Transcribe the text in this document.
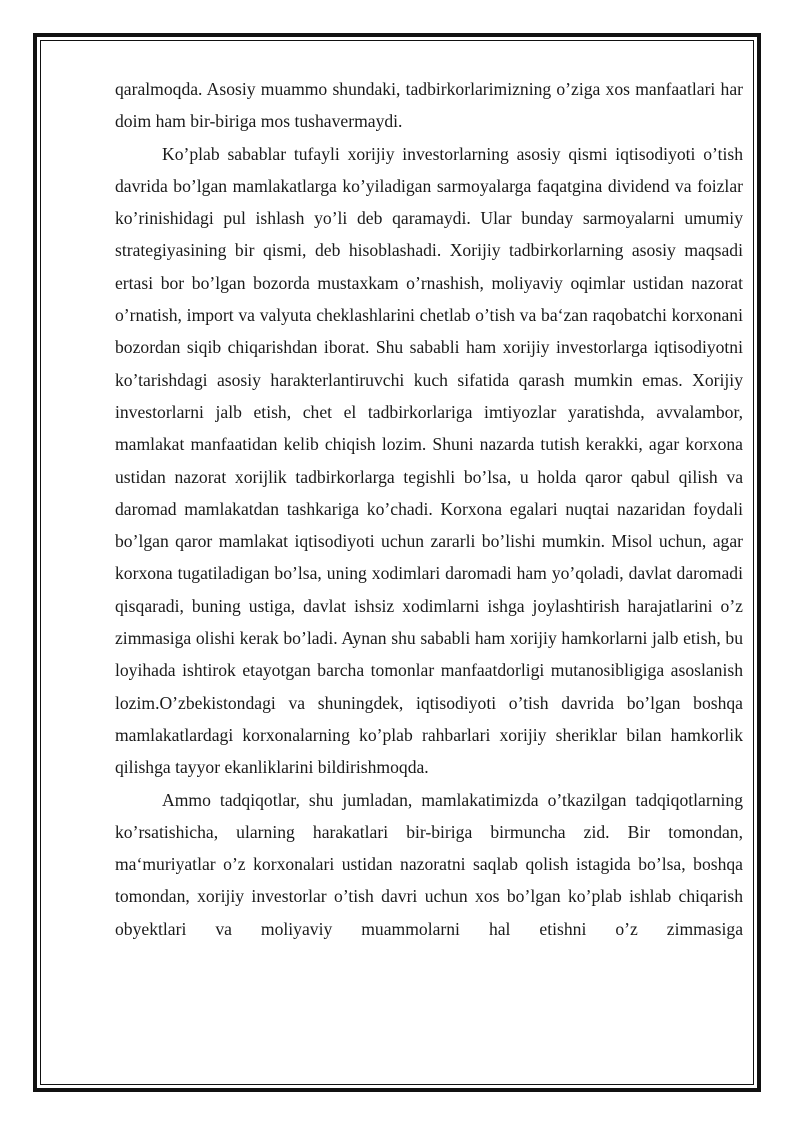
qaralmoqda. Asosiy muammo shundaki, tadbirkorlarimizning o’ziga xos manfaatlari har doim ham bir-biriga mos tushavermaydi.

Ko’plab sabablar tufayli xorijiy investorlarning asosiy qismi iqtisodiyoti o’tish davrida bo’lgan mamlakatlarga ko’yiladigan sarmoyalarga faqatgina dividend va foizlar ko’rinishidagi pul ishlash yo’li deb qaramaydi. Ular bunday sarmoyalarni umumiy strategiyasining bir qismi, deb hisoblashadi. Xorijiy tadbirkorlarning asosiy maqsadi ertasi bor bo’lgan bozorda mustaxkam o’rnashish, moliyaviy oqimlar ustidan nazorat o’rnatish, import va valyuta cheklashlarini chetlab o’tish va ba‘zan raqobatchi korxonani bozordan siqib chiqarishdan iborat. Shu sababli ham xorijiy investorlarga iqtisodiyotni ko’tarishdagi asosiy harakterlantiruvchi kuch sifatida qarash mumkin emas. Xorijiy investorlarni jalb etish, chet el tadbirkorlariga imtiyozlar yaratishda, avvalambor, mamlakat manfaatidan kelib chiqish lozim. Shuni nazarda tutish kerakki, agar korxona ustidan nazorat xorijlik tadbirkorlarga tegishli bo’lsa, u holda qaror qabul qilish va daromad mamlakatdan tashkariga ko’chadi. Korxona egalari nuqtai nazaridan foydali bo’lgan qaror mamlakat iqtisodiyoti uchun zararli bo’lishi mumkin. Misol uchun, agar korxona tugatiladigan bo’lsa, uning xodimlari daromadi ham yo’qoladi, davlat daromadi qisqaradi, buning ustiga, davlat ishsiz xodimlarni ishga joylashtirish harajatlarini o’z zimmasiga olishi kerak bo’ladi. Aynan shu sababli ham xorijiy hamkorlarni jalb etish, bu loyihada ishtirok etayotgan barcha tomonlar manfaatdorligi mutanosibligiga asoslanish lozim.O’zbekistondagi va shuningdek, iqtisodiyoti o’tish davrida bo’lgan boshqa mamlakatlardagi korxonalarning ko’plab rahbarlari xorijiy sheriklar bilan hamkorlik qilishga tayyor ekanliklarini bildirishmoqda.

Ammo tadqiqotlar, shu jumladan, mamlakatimizda o’tkazilgan tadqiqotlarning ko’rsatishicha, ularning harakatlari bir-biriga birmuncha zid. Bir tomondan, ma‘muriyatlar o’z korxonalari ustidan nazoratni saqlab qolish istagida bo’lsa, boshqa tomondan, xorijiy investorlar o’tish davri uchun xos bo’lgan ko’plab ishlab chiqarish obyektlari va moliyaviy muammolarni hal etishni o’z zimmasiga
